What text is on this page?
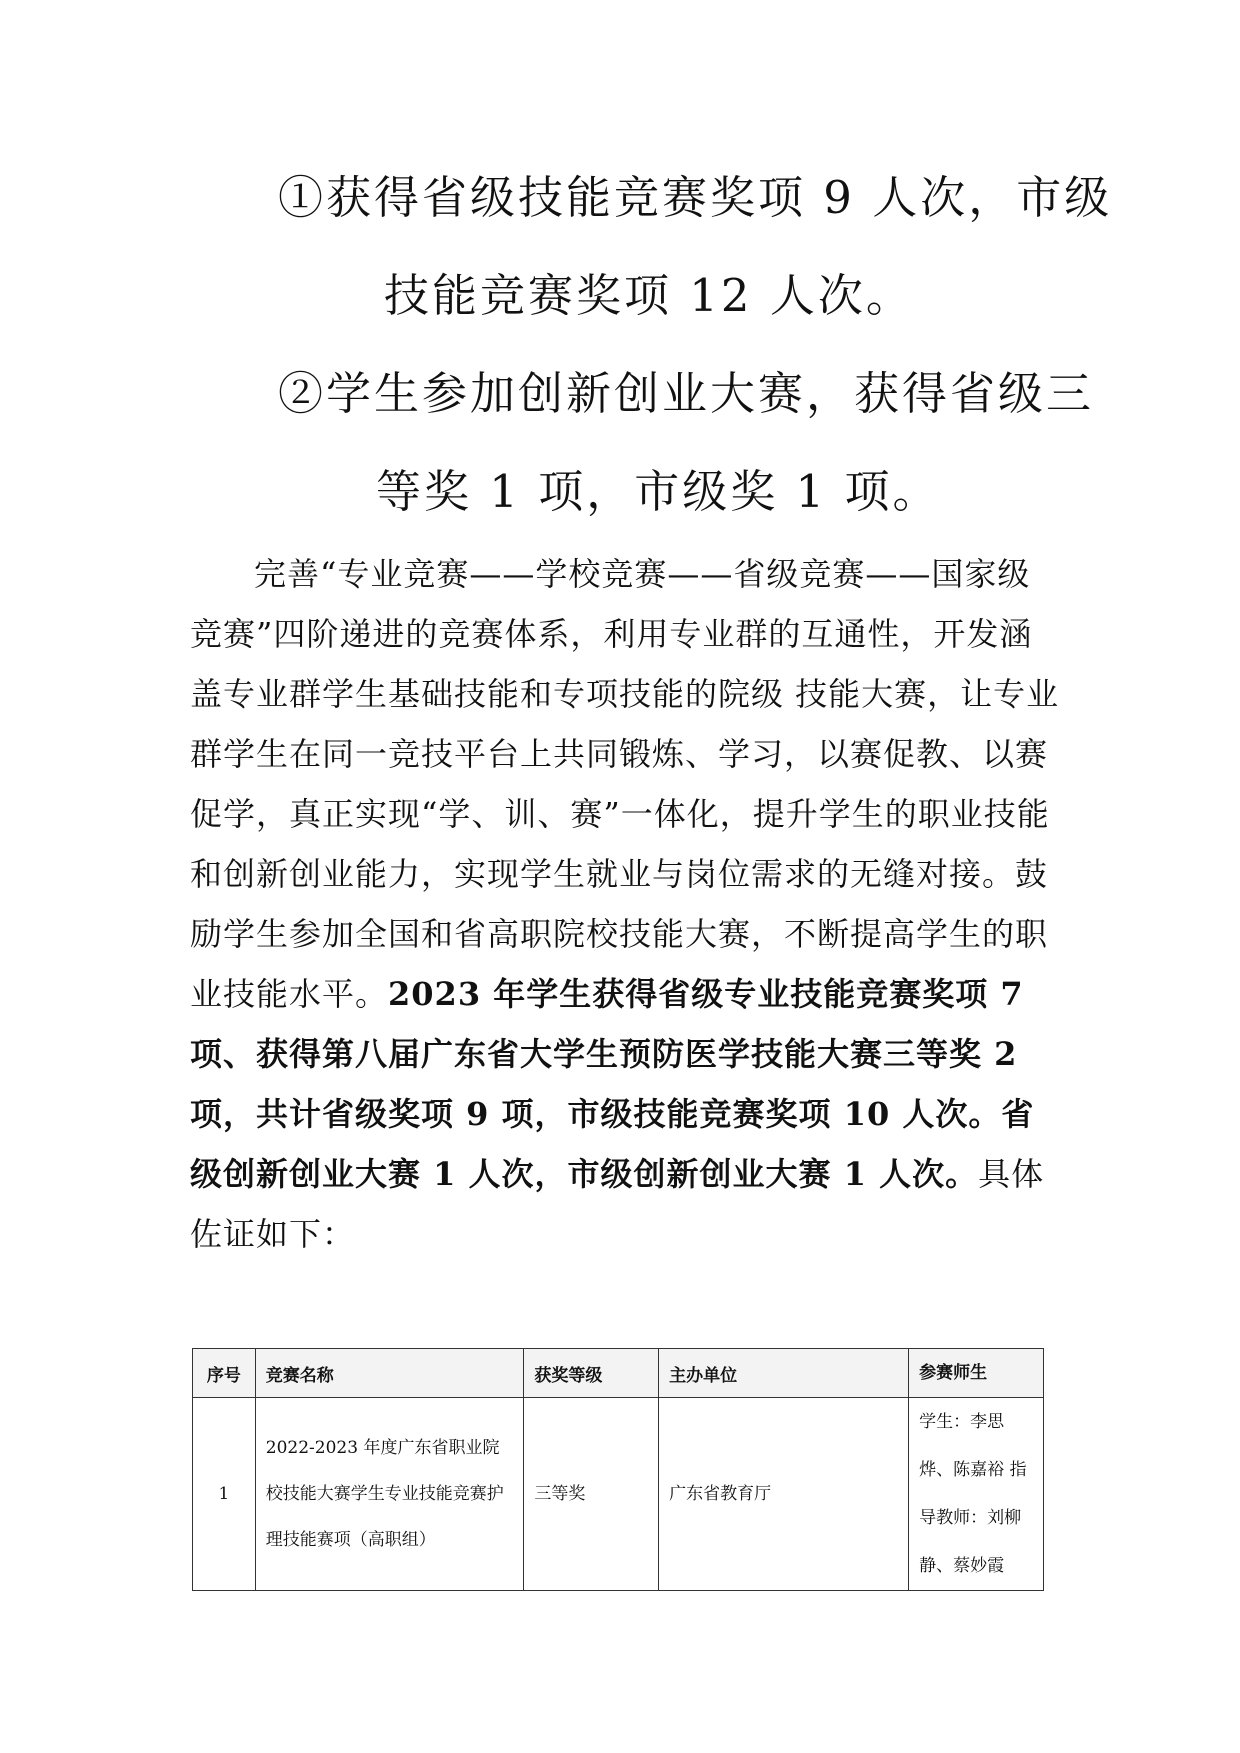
①获得省级技能竞赛奖项 9 人次，市级
技能竞赛奖项 12 人次。
②学生参加创新创业大赛，获得省级三
等奖 1 项，市级奖 1 项。
完善“专业竞赛——学校竞赛——省级竞赛——国家级竞赛”四阶递进的竞赛体系，利用专业群的互通性，开发涵盖专业群学生基础技能和专项技能的院级 技能大赛，让专业群学生在同一竞技平台上共同锻炼、学习，以赛促教、以赛促学，真正实现“学、训、赛”一体化，提升学生的职业技能和创新创业能力，实现学生就业与岗位需求的无缝对接。鼓励学生参加全国和省高职院校技能大赛，不断提高学生的职业技能水平。2023 年学生获得省级专业技能竞赛奖项 7 项、获得第八届广东省大学生预防医学技能大赛三等奖 2 项，共计省级奖项 9 项，市级技能竞赛奖项 10 人次。省级创新创业大赛 1 人次，市级创新创业大赛 1 人次。具体佐证如下：
序号	竞赛名称	获奖等级	主办单位	参赛师生
1	2022-2023 年度广东省职业院校技能大赛学生专业技能竞赛护理技能赛项（高职组）	三等奖	广东省教育厅	学生：李思烨、陈嘉裕 指导教师：刘柳静、蔡妙霞
